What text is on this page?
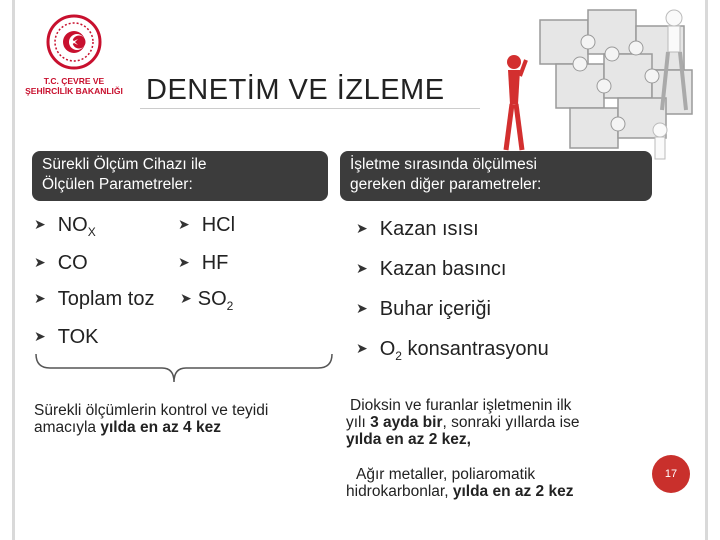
T.C. ÇEVRE VE
ŞEHİRCİLİK BAKANLIĞI DENETİM VE İZLEME
Sürekli Ölçüm Cihazı ile
Ölçülen Parametreler:
İşletme sırasında ölçülmesi
gereken diğer parametreler:
➤ $NO_X$
➤ CO
➤ Toplam toz
➤ TOK
➤ HCl
➤ HF
➤ $SO_2$
➤ Kazan ısısı
➤ Kazan basıncı
➤ Buhar içeriği
➤ $O_2$ konsantrasyonu
Sürekli ölçümlerin kontrol ve teyidi
amacıyla yılda en az 4 kez
Dioksin ve furanlar işletmenin ilk
yılı 3 ayda bir, sonraki yıllarda ise
yılda en az 2 kez,
Ağır metaller, poliaromatik
hidrokarbonlar, yılda en az 2 kez
17
